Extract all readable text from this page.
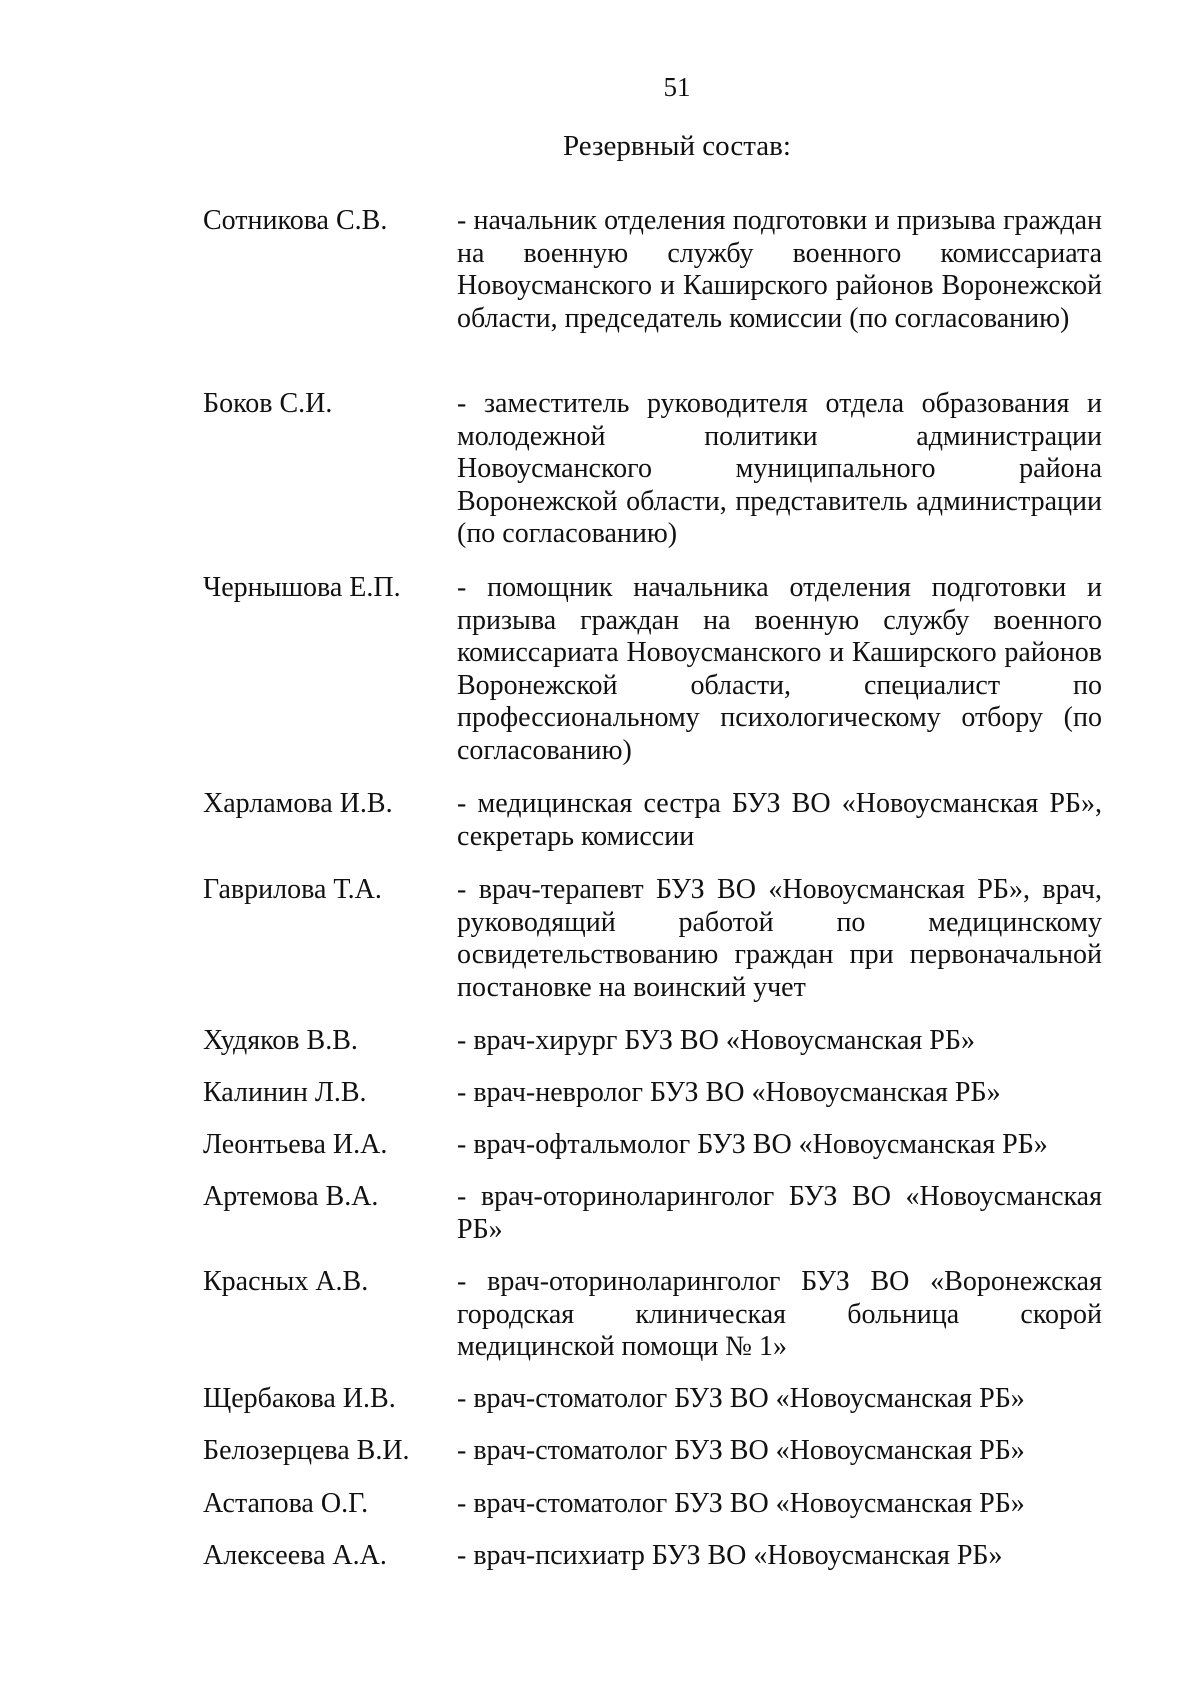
51
Резервный состав:
Сотникова С.В.	- начальник отделения подготовки и призыва граждан на военную службу военного комиссариата Новоусманского и Каширского районов Воронежской области, председатель комиссии (по согласованию)
Боков С.И.	- заместитель руководителя отдела образования и молодежной политики администрации Новоусманского муниципального района Воронежской области, представитель администрации (по согласованию)
Чернышова Е.П.	- помощник начальника отделения подготовки и призыва граждан на военную службу военного комиссариата Новоусманского и Каширского районов Воронежской области, специалист по профессиональному психологическому отбору (по согласованию)
Харламова И.В.	- медицинская сестра БУЗ ВО «Новоусманская РБ», секретарь комиссии
Гаврилова Т.А.	- врач-терапевт БУЗ ВО «Новоусманская РБ», врач, руководящий работой по медицинскому освидетельствованию граждан при первоначальной постановке на воинский учет
Худяков В.В.	- врач-хирург БУЗ ВО «Новоусманская РБ»
Калинин Л.В.	- врач-невролог БУЗ ВО «Новоусманская РБ»
Леонтьева И.А.	- врач-офтальмолог БУЗ ВО «Новоусманская РБ»
Артемова В.А.	- врач-оториноларинголог БУЗ ВО «Новоусманская РБ»
Красных А.В.	- врач-оториноларинголог БУЗ ВО «Воронежская городская клиническая больница скорой медицинской помощи № 1»
Щербакова И.В.	- врач-стоматолог БУЗ ВО «Новоусманская РБ»
Белозерцева В.И.	- врач-стоматолог БУЗ ВО «Новоусманская РБ»
Астапова О.Г.	- врач-стоматолог БУЗ ВО «Новоусманская РБ»
Алексеева А.А.	- врач-психиатр БУЗ ВО «Новоусманская РБ»
